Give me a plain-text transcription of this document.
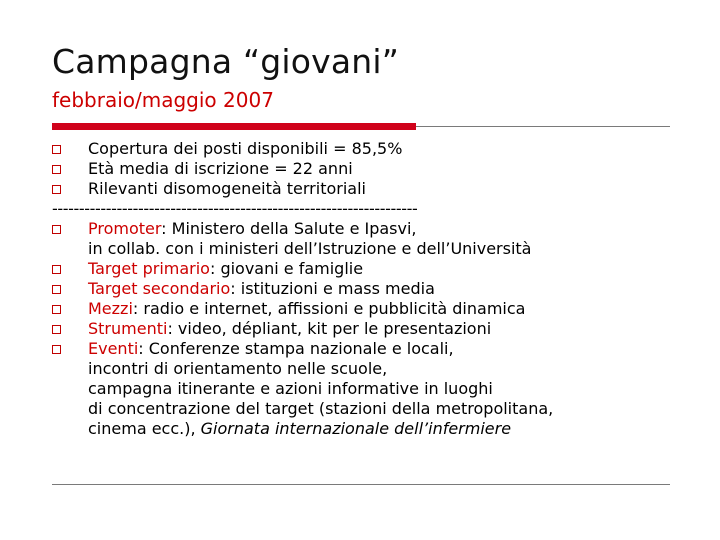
Campagna “giovani”
febbraio/maggio 2007
Copertura dei posti disponibili = 85,5%
Età media di iscrizione = 22 anni
Rilevanti disomogeneità territoriali
--------------------------------------------------------------------
Promoter: Ministero della Salute e Ipasvi,
in collab. con i ministeri dell’Istruzione e dell’Università
Target primario: giovani e famiglie
Target secondario: istituzioni e mass media
Mezzi: radio e internet, affissioni e pubblicità dinamica
Strumenti: video, dépliant, kit per le presentazioni
Eventi: Conferenze stampa nazionale e locali,
incontri di orientamento nelle scuole,
campagna itinerante e azioni informative in luoghi
di concentrazione del target (stazioni della metropolitana,
cinema ecc.), Giornata internazionale dell’infermiere
